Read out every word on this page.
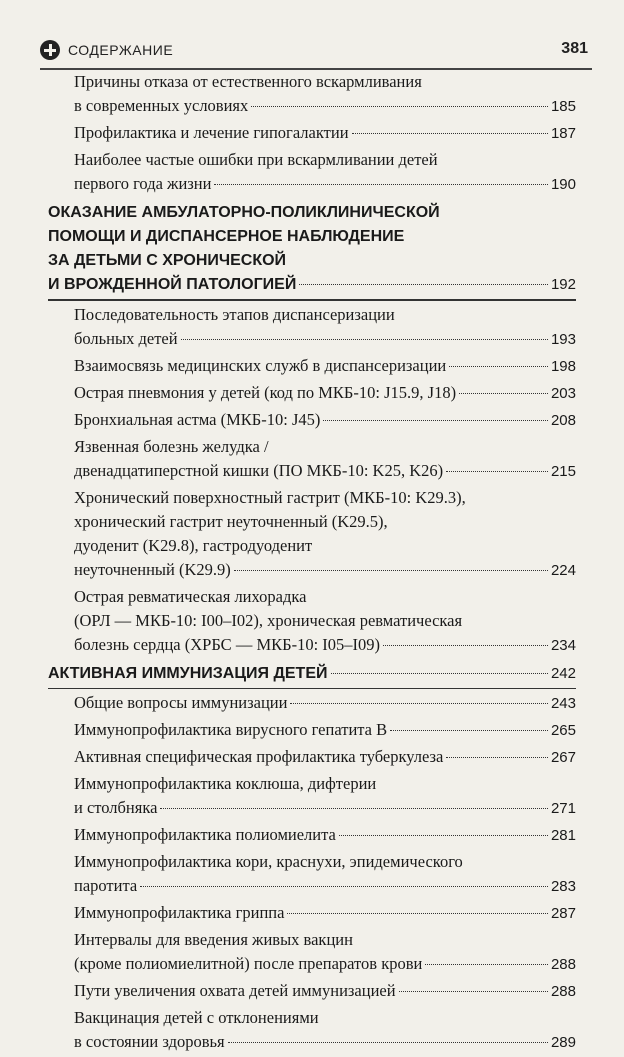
СОДЕРЖАНИЕ	381
Причины отказа от естественного вскармливания
в современных условиях	185
Профилактика и лечение гипогалактии	187
Наиболее частые ошибки при вскармливании детей
первого года жизни	190
ОКАЗАНИЕ АМБУЛАТОРНО-ПОЛИКЛИНИЧЕСКОЙ
ПОМОЩИ И ДИСПАНСЕРНОЕ НАБЛЮДЕНИЕ
ЗА ДЕТЬМИ С ХРОНИЧЕСКОЙ
И ВРОЖДЕННОЙ ПАТОЛОГИЕЙ	192
Последовательность этапов диспансеризации
больных детей	193
Взаимосвязь медицинских служб в диспансеризации	198
Острая пневмония у детей (код по МКБ-10: J15.9, J18)	203
Бронхиальная астма (МКБ-10: J45)	208
Язвенная болезнь желудка /
двенадцатиперстной кишки (ПО МКБ-10: K25, K26)	215
Хронический поверхностный гастрит (МКБ-10: K29.3),
хронический гастрит неуточненный (K29.5),
дуоденит (K29.8), гастродуоденит
неуточненный (K29.9)	224
Острая ревматическая лихорадка
(ОРЛ — МКБ-10: I00–I02), хроническая ревматическая
болезнь сердца (ХРБС — МКБ-10: I05–I09)	234
АКТИВНАЯ ИММУНИЗАЦИЯ ДЕТЕЙ	242
Общие вопросы иммунизации	243
Иммунопрофилактика вирусного гепатита В	265
Активная специфическая профилактика туберкулеза	267
Иммунопрофилактика коклюша, дифтерии
и столбняка	271
Иммунопрофилактика полиомиелита	281
Иммунопрофилактика кори, краснухи, эпидемического
паротита	283
Иммунопрофилактика гриппа	287
Интервалы для введения живых вакцин
(кроме полиомиелитной) после препаратов крови	288
Пути увеличения охвата детей иммунизацией	288
Вакцинация детей с отклонениями
в состоянии здоровья	289
